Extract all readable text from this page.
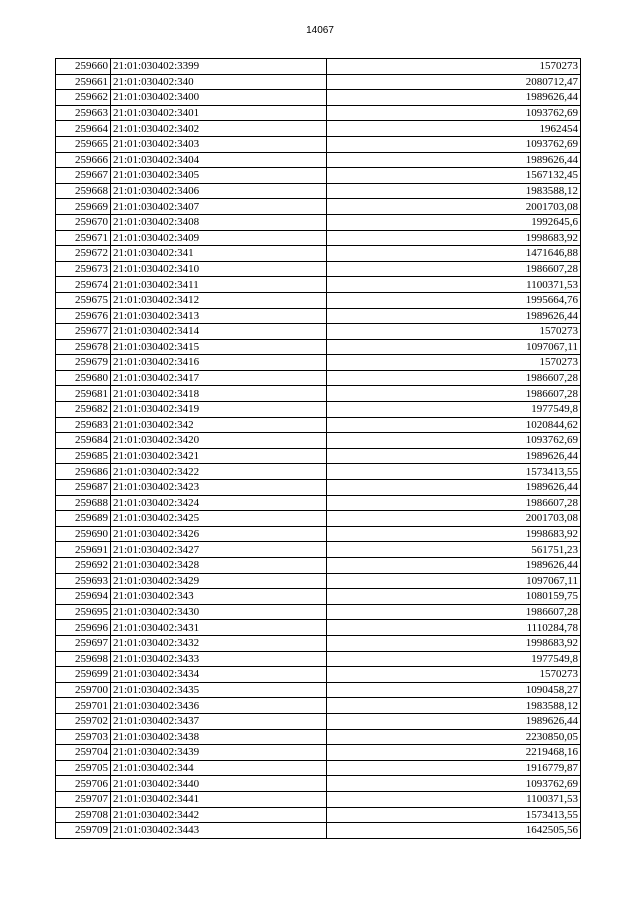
14067
259660	21:01:030402:3399	1570273
259661	21:01:030402:340	2080712,47
259662	21:01:030402:3400	1989626,44
259663	21:01:030402:3401	1093762,69
259664	21:01:030402:3402	1962454
259665	21:01:030402:3403	1093762,69
259666	21:01:030402:3404	1989626,44
259667	21:01:030402:3405	1567132,45
259668	21:01:030402:3406	1983588,12
259669	21:01:030402:3407	2001703,08
259670	21:01:030402:3408	1992645,6
259671	21:01:030402:3409	1998683,92
259672	21:01:030402:341	1471646,88
259673	21:01:030402:3410	1986607,28
259674	21:01:030402:3411	1100371,53
259675	21:01:030402:3412	1995664,76
259676	21:01:030402:3413	1989626,44
259677	21:01:030402:3414	1570273
259678	21:01:030402:3415	1097067,11
259679	21:01:030402:3416	1570273
259680	21:01:030402:3417	1986607,28
259681	21:01:030402:3418	1986607,28
259682	21:01:030402:3419	1977549,8
259683	21:01:030402:342	1020844,62
259684	21:01:030402:3420	1093762,69
259685	21:01:030402:3421	1989626,44
259686	21:01:030402:3422	1573413,55
259687	21:01:030402:3423	1989626,44
259688	21:01:030402:3424	1986607,28
259689	21:01:030402:3425	2001703,08
259690	21:01:030402:3426	1998683,92
259691	21:01:030402:3427	561751,23
259692	21:01:030402:3428	1989626,44
259693	21:01:030402:3429	1097067,11
259694	21:01:030402:343	1080159,75
259695	21:01:030402:3430	1986607,28
259696	21:01:030402:3431	1110284,78
259697	21:01:030402:3432	1998683,92
259698	21:01:030402:3433	1977549,8
259699	21:01:030402:3434	1570273
259700	21:01:030402:3435	1090458,27
259701	21:01:030402:3436	1983588,12
259702	21:01:030402:3437	1989626,44
259703	21:01:030402:3438	2230850,05
259704	21:01:030402:3439	2219468,16
259705	21:01:030402:344	1916779,87
259706	21:01:030402:3440	1093762,69
259707	21:01:030402:3441	1100371,53
259708	21:01:030402:3442	1573413,55
259709	21:01:030402:3443	1642505,56
